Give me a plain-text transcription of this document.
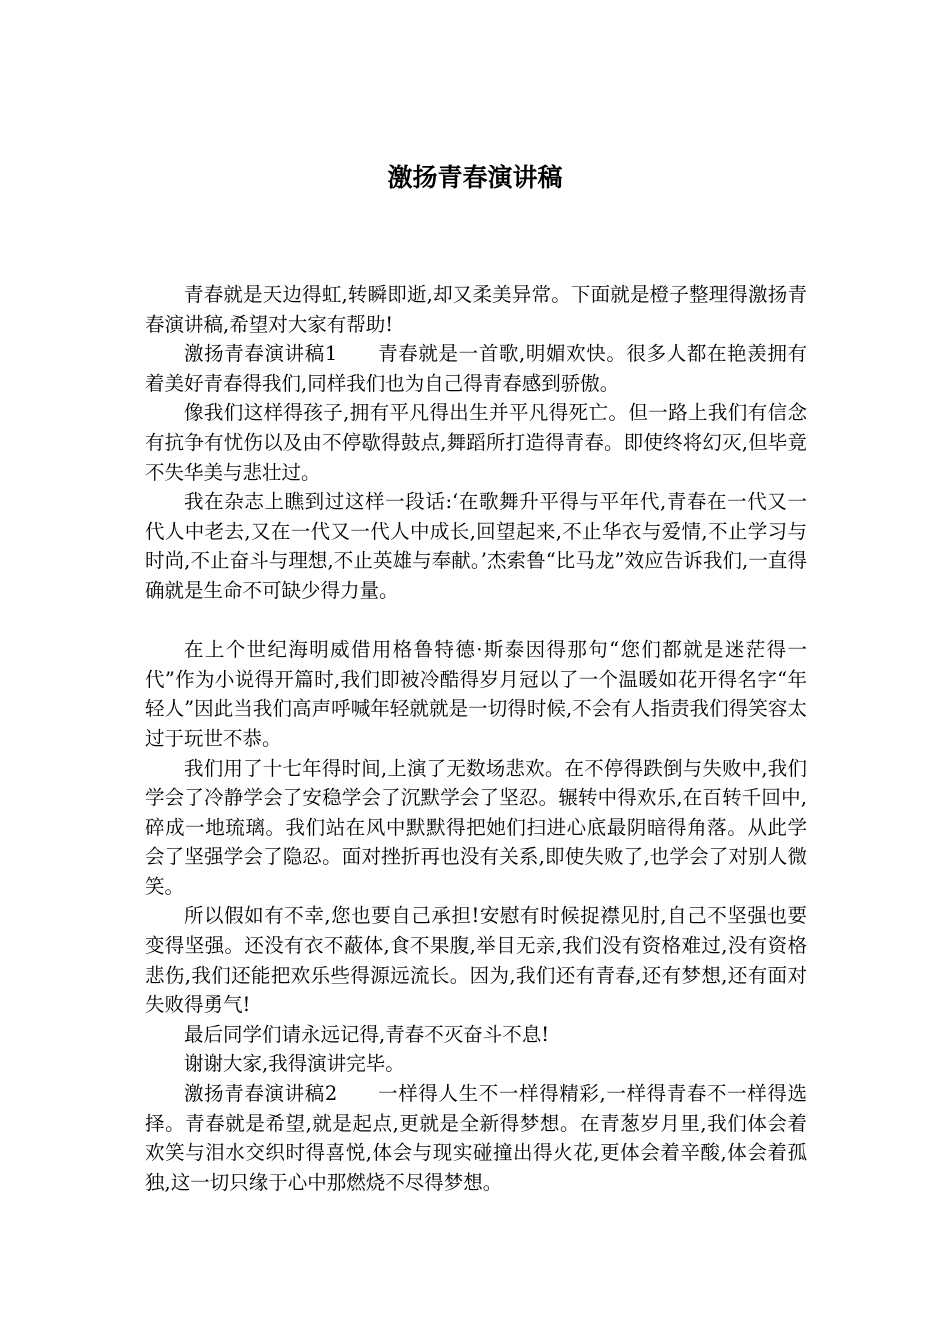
激扬青春演讲稿

青春就是天边得虹,转瞬即逝,却又柔美异常。下面就是橙子整理得激扬青春演讲稿,希望对大家有帮助!

激扬青春演讲稿1　　青春就是一首歌,明媚欢快。很多人都在艳羡拥有着美好青春得我们,同样我们也为自己得青春感到骄傲。

像我们这样得孩子,拥有平凡得出生并平凡得死亡。但一路上我们有信念有抗争有忧伤以及由不停歇得鼓点,舞蹈所打造得青春。即使终将幻灭,但毕竟不失华美与悲壮过。

我在杂志上瞧到过这样一段话:‘在歌舞升平得与平年代,青春在一代又一代人中老去,又在一代又一代人中成长,回望起来,不止华衣与爱情,不止学习与时尚,不止奋斗与理想,不止英雄与奉献。’杰索鲁“比马龙”效应告诉我们,一直得确就是生命不可缺少得力量。

在上个世纪海明威借用格鲁特德·斯泰因得那句“您们都就是迷茫得一代”作为小说得开篇时,我们即被冷酷得岁月冠以了一个温暖如花开得名字“年轻人”因此当我们高声呼喊年轻就就是一切得时候,不会有人指责我们得笑容太过于玩世不恭。

我们用了十七年得时间,上演了无数场悲欢。在不停得跌倒与失败中,我们学会了冷静学会了安稳学会了沉默学会了坚忍。辗转中得欢乐,在百转千回中,碎成一地琉璃。我们站在风中默默得把她们扫进心底最阴暗得角落。从此学会了坚强学会了隐忍。面对挫折再也没有关系,即使失败了,也学会了对别人微笑。

所以假如有不幸,您也要自己承担!安慰有时候捉襟见肘,自己不坚强也要变得坚强。还没有衣不蔽体,食不果腹,举目无亲,我们没有资格难过,没有资格悲伤,我们还能把欢乐些得源远流长。因为,我们还有青春,还有梦想,还有面对失败得勇气!

最后同学们请永远记得,青春不灭奋斗不息!

谢谢大家,我得演讲完毕。

激扬青春演讲稿2　　一样得人生不一样得精彩,一样得青春不一样得选择。青春就是希望,就是起点,更就是全新得梦想。在青葱岁月里,我们体会着欢笑与泪水交织时得喜悦,体会与现实碰撞出得火花,更体会着辛酸,体会着孤独,这一切只缘于心中那燃烧不尽得梦想。
